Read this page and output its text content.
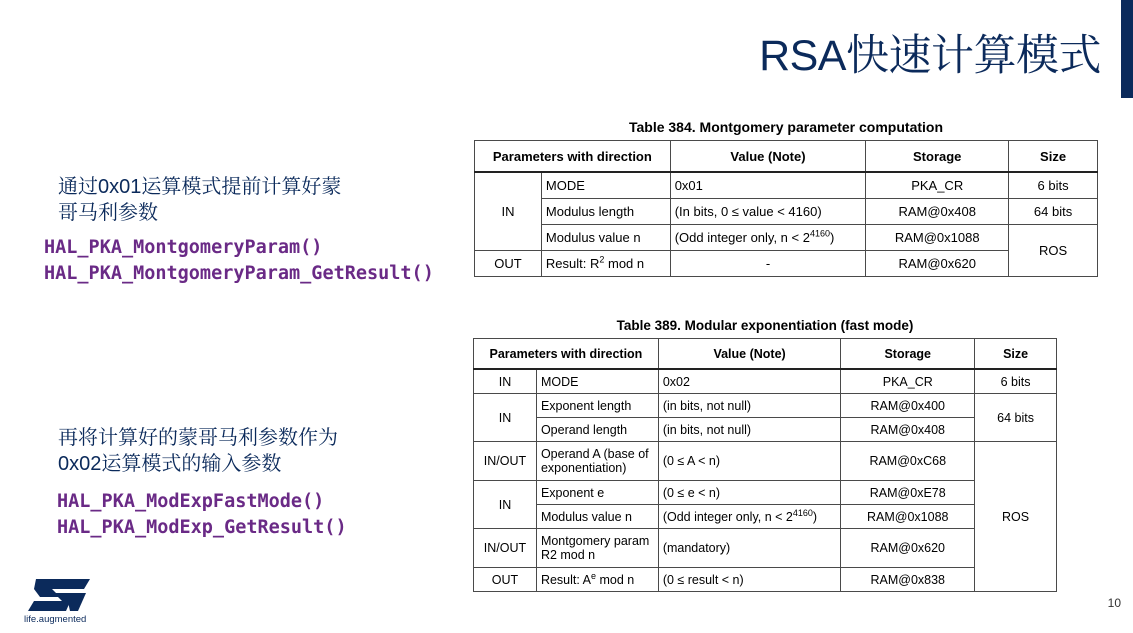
RSA快速计算模式
通过0x01运算模式提前计算好蒙
哥马利参数
HAL_PKA_MontgomeryParam()
HAL_PKA_MontgomeryParam_GetResult()
再将计算好的蒙哥马利参数作为
0x02运算模式的输入参数
HAL_PKA_ModExpFastMode()
HAL_PKA_ModExp_GetResult()
Table 384. Montgomery parameter computation
Parameters with direction		Value (Note)	Storage	Size
IN	MODE	0x01	PKA_CR	6 bits
	Modulus length	(In bits, 0 ≤ value < 4160)	RAM@0x408	64 bits
	Modulus value n	(Odd integer only, $n < 2^{4160}$)	RAM@0x1088	ROS
OUT	Result: $R^2$ mod n	-	RAM@0x620	
Table 389. Modular exponentiation (fast mode)
Parameters with direction		Value (Note)	Storage	Size
IN	MODE	0x02	PKA_CR	6 bits
IN	Exponent length	(in bits, not null)	RAM@0x400	64 bits
	Operand length	(in bits, not null)	RAM@0x408	
IN/OUT	Operand A (base of exponentiation)	(0 ≤ A < n)	RAM@0xC68	ROS
IN	Exponent e	(0 ≤ e < n)	RAM@0xE78	
	Modulus value n	(Odd integer only, $n < 2^{4160}$)	RAM@0x1088	
IN/OUT	Montgomery param R2 mod n	(mandatory)	RAM@0x620	
OUT	Result: $A^e$ mod n	(0 ≤ result < n)	RAM@0x838	
life.augmented
10
